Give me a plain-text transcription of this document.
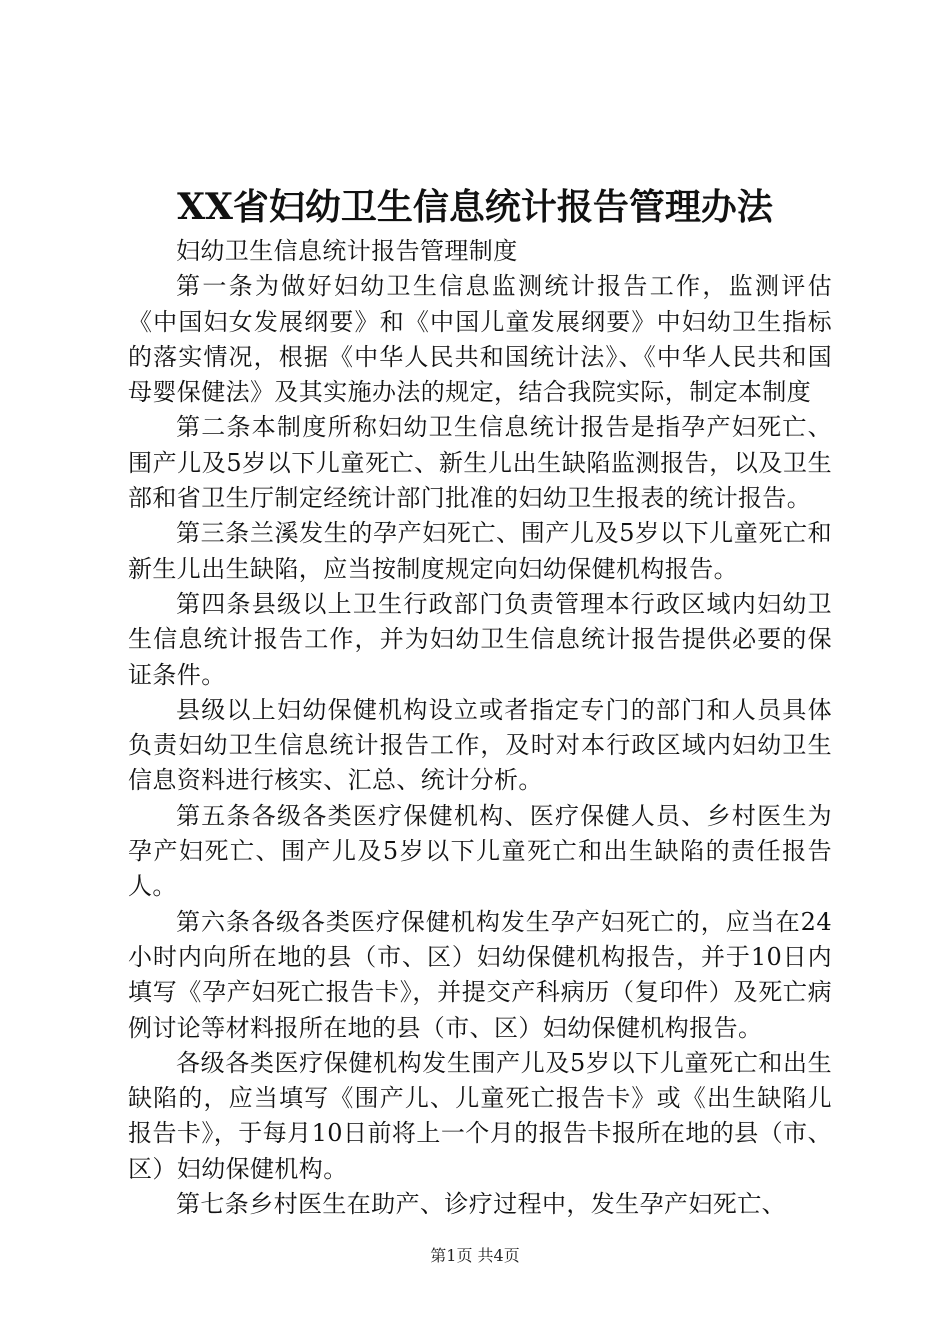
XX省妇幼卫生信息统计报告管理办法

妇幼卫生信息统计报告管理制度

第一条为做好妇幼卫生信息监测统计报告工作，监测评估《中国妇女发展纲要》和《中国儿童发展纲要》中妇幼卫生指标的落实情况，根据《中华人民共和国统计法》、《中华人民共和国母婴保健法》及其实施办法的规定，结合我院实际，制定本制度

第二条本制度所称妇幼卫生信息统计报告是指孕产妇死亡、围产儿及5岁以下儿童死亡、新生儿出生缺陷监测报告，以及卫生部和省卫生厅制定经统计部门批准的妇幼卫生报表的统计报告。

第三条兰溪发生的孕产妇死亡、围产儿及5岁以下儿童死亡和新生儿出生缺陷，应当按制度规定向妇幼保健机构报告。

第四条县级以上卫生行政部门负责管理本行政区域内妇幼卫生信息统计报告工作，并为妇幼卫生信息统计报告提供必要的保证条件。

县级以上妇幼保健机构设立或者指定专门的部门和人员具体负责妇幼卫生信息统计报告工作，及时对本行政区域内妇幼卫生信息资料进行核实、汇总、统计分析。

第五条各级各类医疗保健机构、医疗保健人员、乡村医生为孕产妇死亡、围产儿及5岁以下儿童死亡和出生缺陷的责任报告人。

第六条各级各类医疗保健机构发生孕产妇死亡的，应当在24小时内向所在地的县（市、区）妇幼保健机构报告，并于10日内填写《孕产妇死亡报告卡》，并提交产科病历（复印件）及死亡病例讨论等材料报所在地的县（市、区）妇幼保健机构报告。

各级各类医疗保健机构发生围产儿及5岁以下儿童死亡和出生缺陷的，应当填写《围产儿、儿童死亡报告卡》或《出生缺陷儿报告卡》，于每月10日前将上一个月的报告卡报所在地的县（市、区）妇幼保健机构。

第七条乡村医生在助产、诊疗过程中，发生孕产妇死亡、

第1页 共4页
